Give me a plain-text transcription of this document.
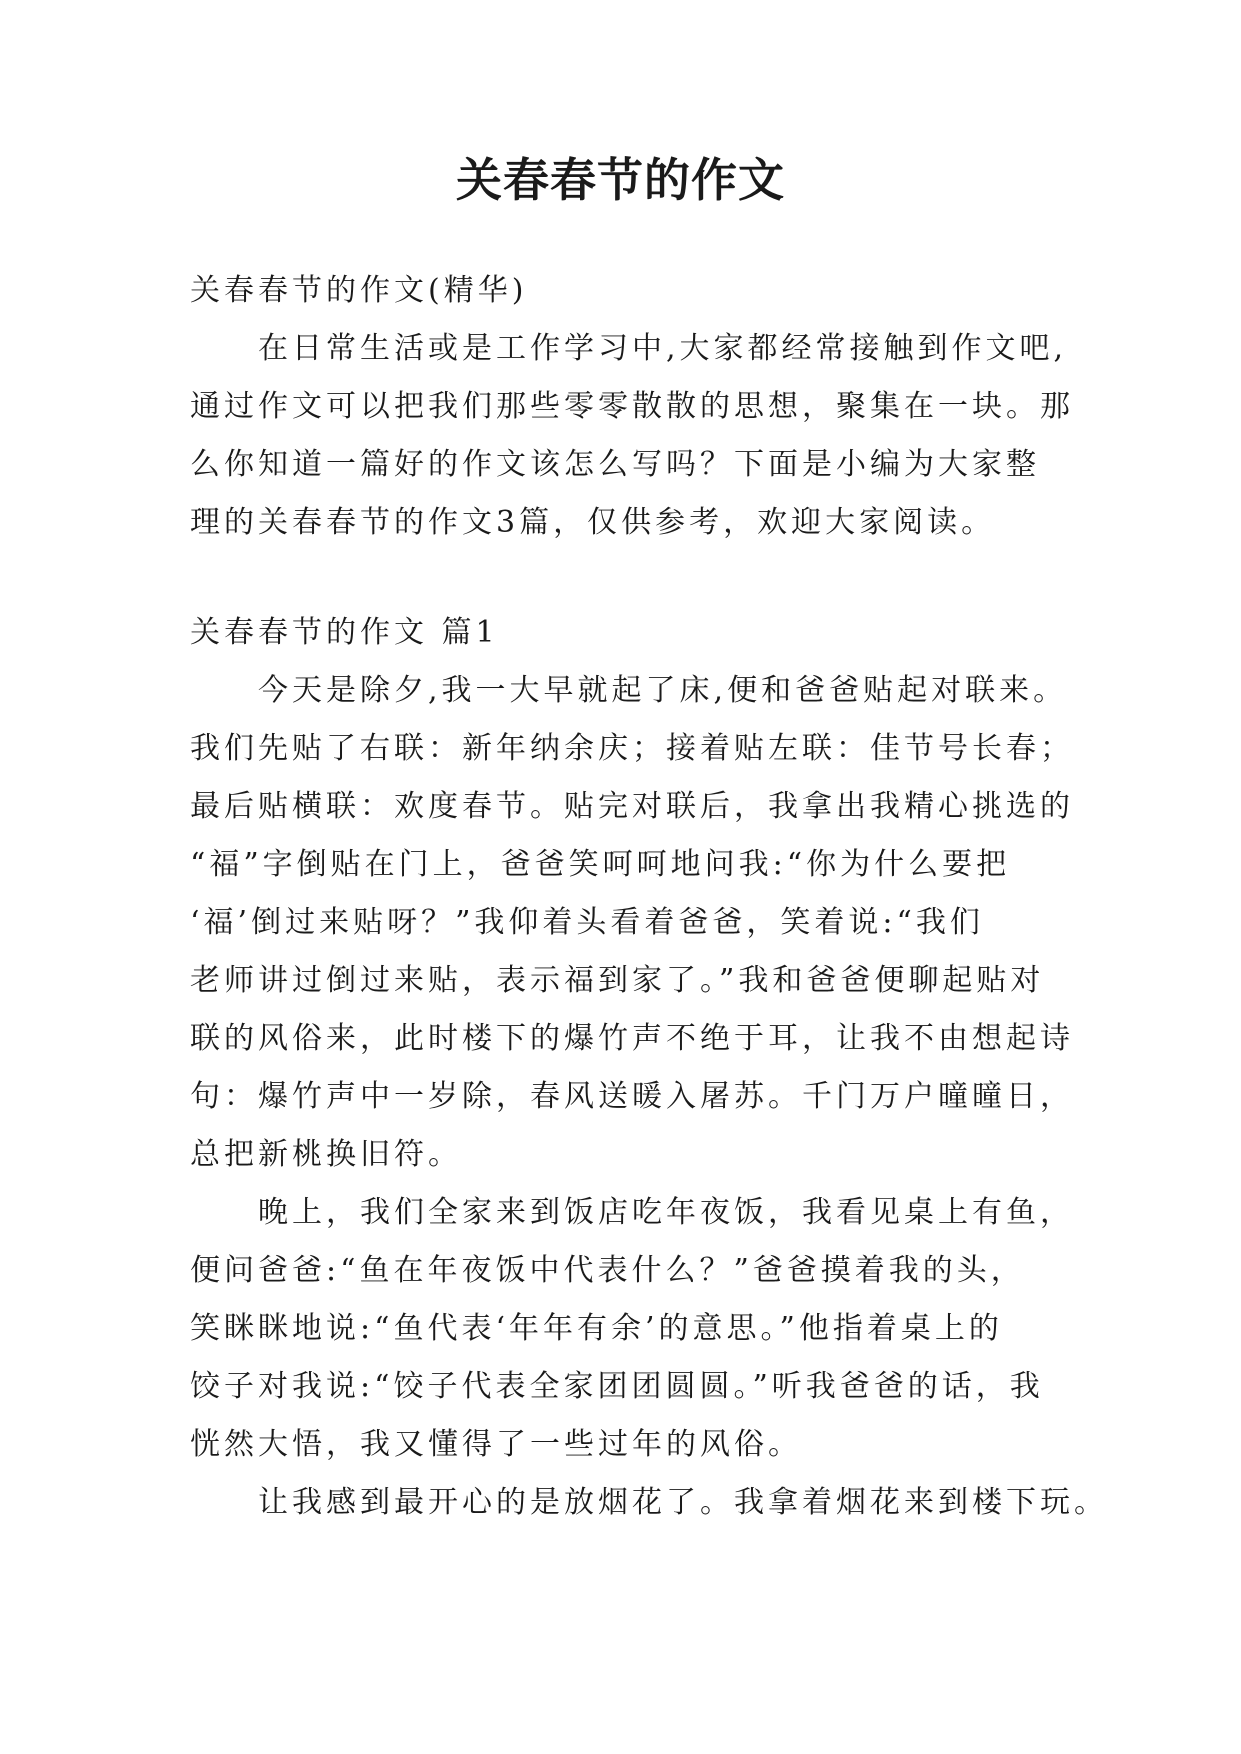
关春春节的作文
关春春节的作文(精华)
在日常生活或是工作学习中,大家都经常接触到作文吧,
通过作文可以把我们那些零零散散的思想，聚集在一块。那
么你知道一篇好的作文该怎么写吗？下面是小编为大家整
理的关春春节的作文3篇，仅供参考，欢迎大家阅读。
关春春节的作文 篇1
今天是除夕,我一大早就起了床,便和爸爸贴起对联来。
我们先贴了右联：新年纳余庆；接着贴左联：佳节号长春；
最后贴横联：欢度春节。贴完对联后，我拿出我精心挑选的
“福”字倒贴在门上，爸爸笑呵呵地问我:“你为什么要把
‘福’倒过来贴呀？”我仰着头看着爸爸，笑着说:“我们
老师讲过倒过来贴，表示福到家了。”我和爸爸便聊起贴对
联的风俗来，此时楼下的爆竹声不绝于耳，让我不由想起诗
句：爆竹声中一岁除，春风送暖入屠苏。千门万户曈曈日，
总把新桃换旧符。
晚上，我们全家来到饭店吃年夜饭，我看见桌上有鱼，
便问爸爸:“鱼在年夜饭中代表什么？”爸爸摸着我的头，
笑眯眯地说:“鱼代表‘年年有余’的意思。”他指着桌上的
饺子对我说:“饺子代表全家团团圆圆。”听我爸爸的话，我
恍然大悟，我又懂得了一些过年的风俗。
让我感到最开心的是放烟花了。我拿着烟花来到楼下玩。
